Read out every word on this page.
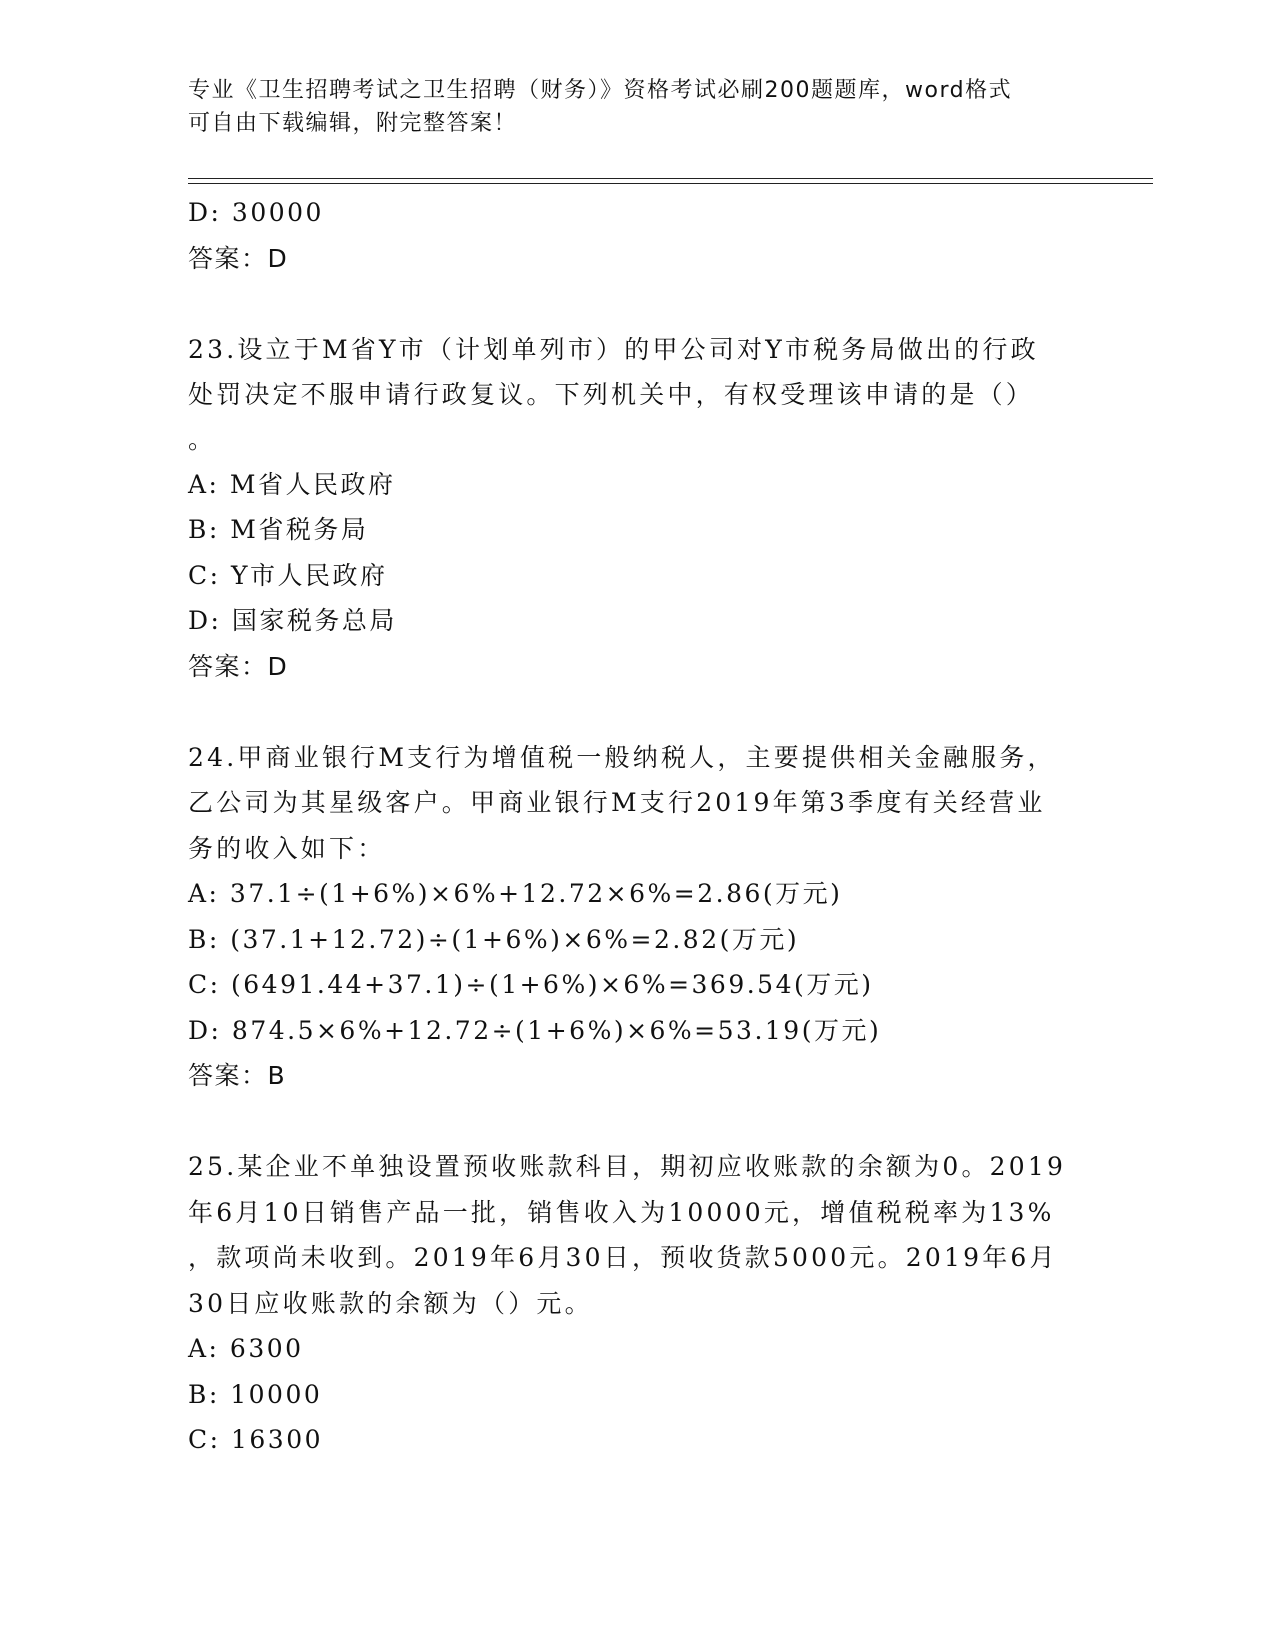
专业《卫生招聘考试之卫生招聘（财务）》资格考试必刷200题题库，word格式
可自由下载编辑，附完整答案！
D: 30000
答案：D
23.设立于M省Y市（计划单列市）的甲公司对Y市税务局做出的行政
处罚决定不服申请行政复议。下列机关中，有权受理该申请的是（）
。
A: M省人民政府
B: M省税务局
C: Y市人民政府
D: 国家税务总局
答案：D
24.甲商业银行M支行为增值税一般纳税人，主要提供相关金融服务，
乙公司为其星级客户。甲商业银行M支行2019年第3季度有关经营业
务的收入如下：
A: 37.1÷(1+6%)×6%+12.72×6%=2.86(万元)
B: (37.1+12.72)÷(1+6%)×6%=2.82(万元)
C: (6491.44+37.1)÷(1+6%)×6%=369.54(万元)
D: 874.5×6%+12.72÷(1+6%)×6%=53.19(万元)
答案：B
25.某企业不单独设置预收账款科目，期初应收账款的余额为0。2019
年6月10日销售产品一批，销售收入为10000元，增值税税率为13%
，款项尚未收到。2019年6月30日，预收货款5000元。2019年6月
30日应收账款的余额为（）元。
A: 6300
B: 10000
C: 16300
